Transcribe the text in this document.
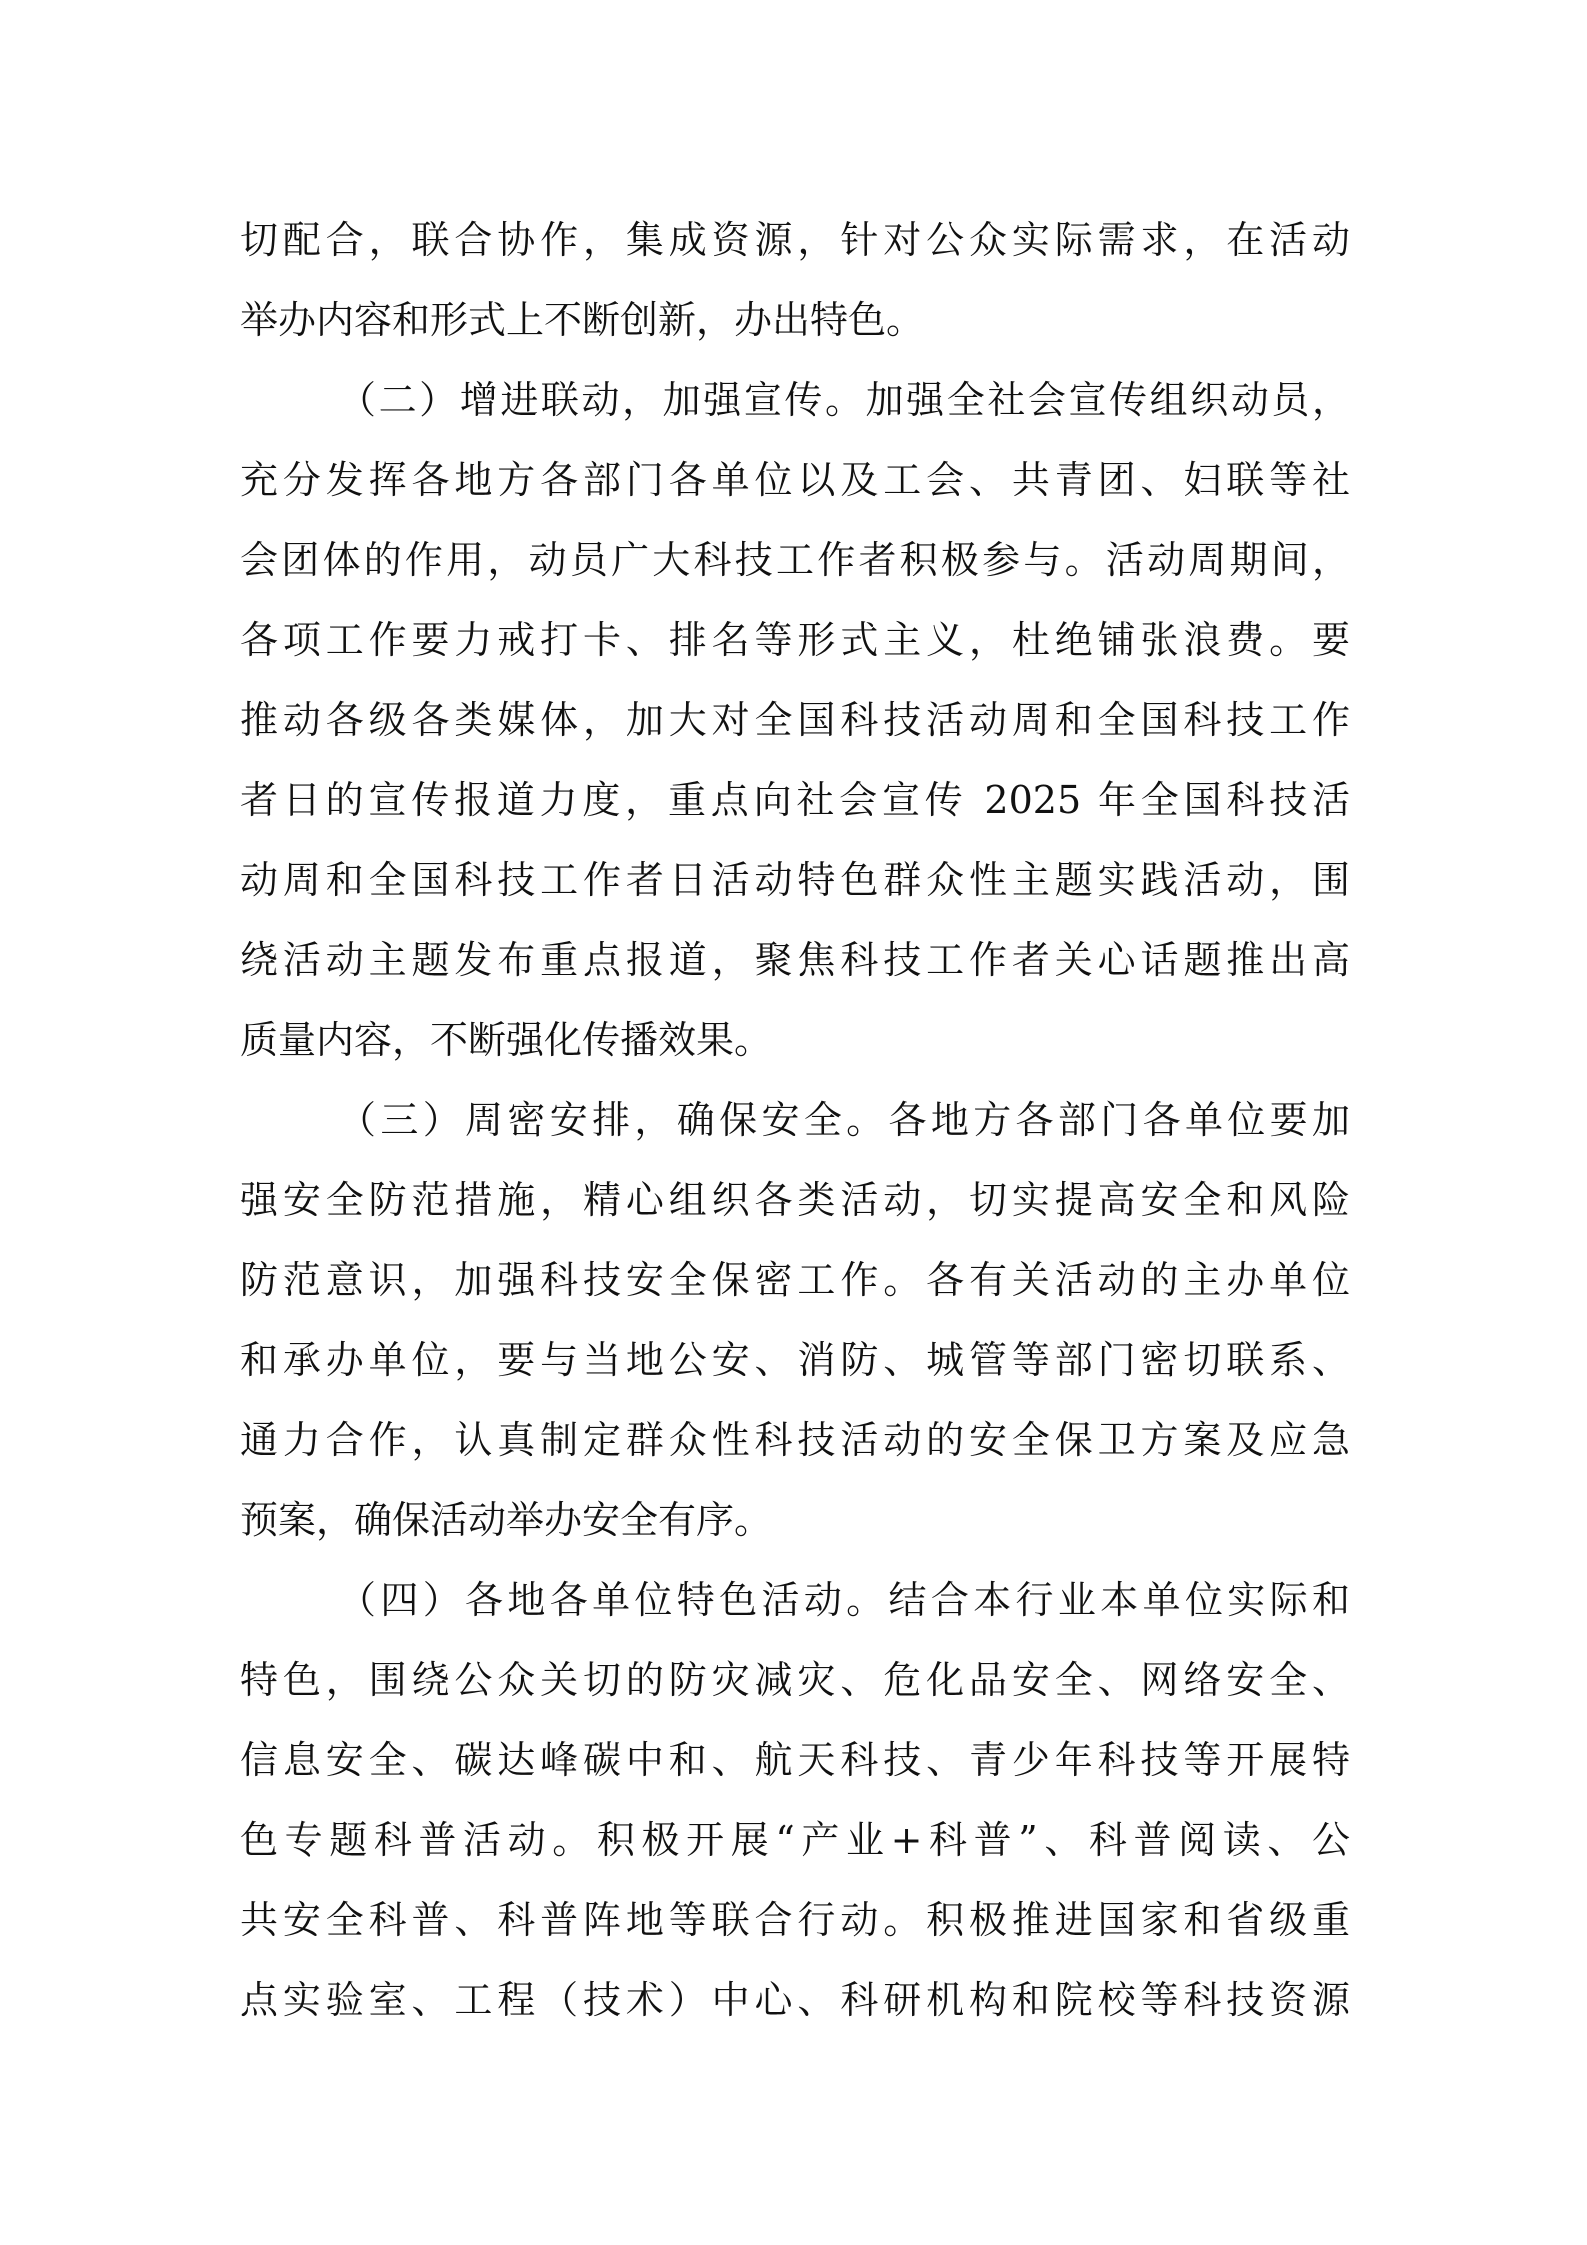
切配合，联合协作，集成资源，针对公众实际需求，在活动
举办内容和形式上不断创新，办出特色。
（二）增进联动，加强宣传。加强全社会宣传组织动员，
充分发挥各地方各部门各单位以及工会、共青团、妇联等社
会团体的作用，动员广大科技工作者积极参与。活动周期间，
各项工作要力戒打卡、排名等形式主义，杜绝铺张浪费。要
推动各级各类媒体，加大对全国科技活动周和全国科技工作
者日的宣传报道力度，重点向社会宣传 2025 年全国科技活
动周和全国科技工作者日活动特色群众性主题实践活动，围
绕活动主题发布重点报道，聚焦科技工作者关心话题推出高
质量内容，不断强化传播效果。
（三）周密安排，确保安全。各地方各部门各单位要加
强安全防范措施，精心组织各类活动，切实提高安全和风险
防范意识，加强科技安全保密工作。各有关活动的主办单位
和承办单位，要与当地公安、消防、城管等部门密切联系、
通力合作，认真制定群众性科技活动的安全保卫方案及应急
预案，确保活动举办安全有序。
（四）各地各单位特色活动。结合本行业本单位实际和
特色，围绕公众关切的防灾减灾、危化品安全、网络安全、
信息安全、碳达峰碳中和、航天科技、青少年科技等开展特
色专题科普活动。积极开展“产业+科普”、科普阅读、公
共安全科普、科普阵地等联合行动。积极推进国家和省级重
点实验室、工程（技术）中心、科研机构和院校等科技资源
